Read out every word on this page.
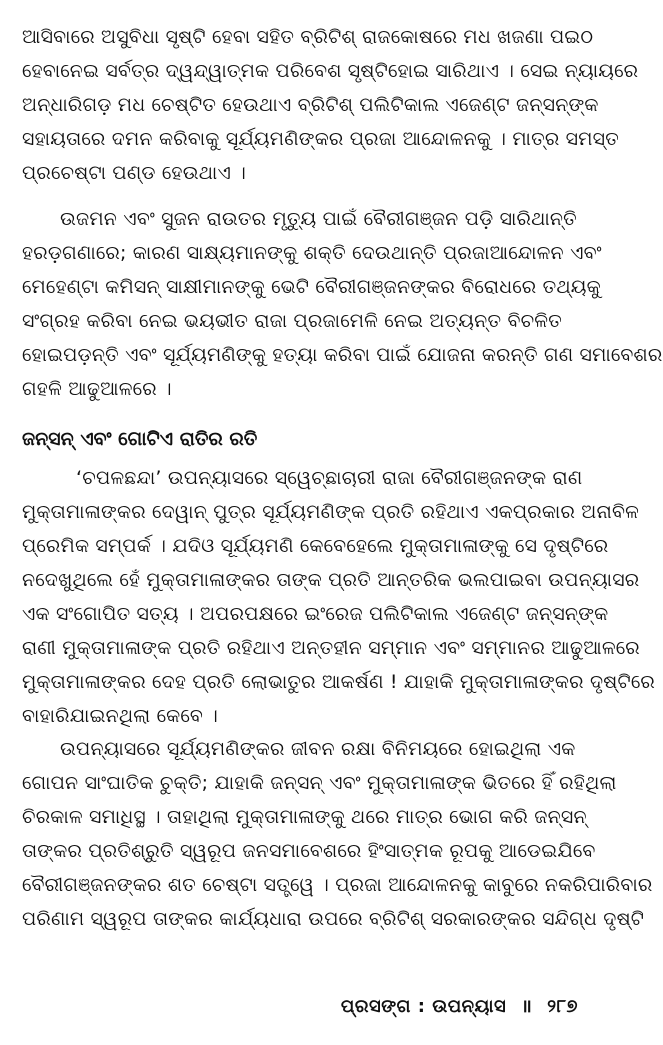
ଆସିବାରେ ଅସୁବିଧା ସୃଷ୍ଟି ହେବା ସହିତ ବ୍ରିଟିଶ୍ ରାଜକୋଷରେ ମଧ ଖଜଣା ପଇଠ
ହେବାନେଇ ସର୍ବତ୍ର ଦ୍ୱନ୍ଦ୍ୱାତ୍ମକ ପରିବେଶ ସୃଷ୍ଟିହୋଇ ସାରିଥାଏ । ସେଇ ନ୍ୟାୟରେ
ଅନ୍ଧାରିଗଡ଼ ମଧ ଚେଷ୍ଟିତ ହେଉଥାଏ ବ୍ରିଟିଶ୍ ପଲିଟିକାଲ ଏଜେଣ୍ଟ ଜନ୍‌ସନ୍‌ଙ୍କ
ସହାୟତାରେ ଦମନ କରିବାକୁ ସୂର୍ଯ୍ୟମଣିଙ୍କର ପ୍ରଜା ଆନ୍ଦୋଳନକୁ । ମାତ୍ର ସମସ୍ତ
ପ୍ରଚେଷ୍ଟା ପଣ୍ଡ ହେଉଥାଏ ।
ଉଜମନ ଏବଂ ସୁଜନ ରାଉତର ମୃତ୍ୟୁ ପାଇଁ ବୈରୀଗଞ୍ଜନ ପଡ଼ି ସାରିଥାନ୍ତି
ହରଡ଼ଗଣାରେ; କାରଣ ସାକ୍ଷ୍ୟମାନଙ୍କୁ ଶକ୍ତି ଦେଉଥାନ୍ତି ପ୍ରଜାଆନ୍ଦୋଳନ ଏବଂ
ମେହେଣ୍ଟା କମିସନ୍ ସାକ୍ଷୀମାନଙ୍କୁ ଭେଟି ବୈରୀଗଞ୍ଜନଙ୍କର ବିରୋଧରେ ତଥ୍ୟକୁ
ସଂଗ୍ରହ କରିବା ନେଇ ଭୟଭୀତ ରାଜା ପ୍ରଜାମେଳି ନେଇ ଅତ୍ୟନ୍ତ ବିଚଳିତ
ହୋଇପଡ଼ନ୍ତି ଏବଂ ସୂର୍ଯ୍ୟମଣିଙ୍କୁ ହତ୍ୟା କରିବା ପାଇଁ ଯୋଜନା କରନ୍ତି ଗଣ ସମାବେଶର
ଗହଳି ଆଢୁଆଳରେ ।
ଜନ୍‌ସନ୍ ଏବଂ ଗୋଟିଏ ରାତିର ରତି
‘ଚପଳଛନ୍ଦା’ ଉପନ୍ୟାସରେ ସ୍ୱେଚ୍ଛାଚାରୀ ରାଜା ବୈରୀଗଞ୍ଜନଙ୍କ ରାଣ
ମୁକ୍ତାମାଳାଙ୍କର ଦେୱାନ୍ ପୁତ୍ର ସୂର୍ଯ୍ୟମଣିଙ୍କ ପ୍ରତି ରହିଥାଏ ଏକପ୍ରକାର ଅନାବିଳ
ପ୍ରେମିକ ସମ୍ପର୍କ । ଯଦିଓ ସୂର୍ଯ୍ୟମଣି କେବେହେଲେ ମୁକ୍ତାମାଳାଙ୍କୁ ସେ ଦୃଷ୍ଟିରେ
ନଦେଖୁଥିଲେ ହେଁ ମୁକ୍ତାମାଳାଙ୍କର ତାଙ୍କ ପ୍ରତି ଆନ୍ତରିକ ଭଲପାଇବା ଉପନ୍ୟାସର
ଏକ ସଂଗୋପିତ ସତ୍ୟ । ଅପରପକ୍ଷରେ ଇଂରେଜ ପଲିଟିକାଲ ଏଜେଣ୍ଟ ଜନ୍‌ସନ୍‌ଙ୍କ
ରାଣୀ ମୁକ୍ତାମାଳାଙ୍କ ପ୍ରତି ରହିଥାଏ ଅନ୍ତହୀନ ସମ୍ମାନ ଏବଂ ସମ୍ମାନର ଆଢୁଆଳରେ
ମୁକ୍ତାମାଳାଙ୍କର ଦେହ ପ୍ରତି ଲୋଭାତୁର ଆକର୍ଷଣ ! ଯାହାକି ମୁକ୍ତାମାଳାଙ୍କର ଦୃଷ୍ଟିରେ
ବାହାରିଯାଇନଥିଲା କେବେ ।
ଉପନ୍ୟାସରେ ସୂର୍ଯ୍ୟମଣିଙ୍କର ଜୀବନ ରକ୍ଷା ବିନିମୟରେ ହୋଇଥିଲା ଏକ
ଗୋପନ ସାଂଘାତିକ ଚୁକ୍ତି; ଯାହାକି ଜନ୍‌ସନ୍ ଏବଂ ମୁକ୍ତାମାଳାଙ୍କ ଭିତରେ ହିଁ ରହିଥିଲା
ଚିରକାଳ ସମାଧିସ୍ଥ । ତାହାଥିଲା ମୁକ୍ତାମାଳାଙ୍କୁ ଥରେ ମାତ୍ର ଭୋଗ କରି ଜନ୍‌ସନ୍
ତାଙ୍କର ପ୍ରତିଶ୍ରୁତି ସ୍ୱରୂପ ଜନସମାବେଶରେ ହିଂସାତ୍ମକ ରୂପକୁ ଆଡେଇଯିବେ
ବୈରୀଗଞ୍ଜନଙ୍କର ଶତ ଚେଷ୍ଟା ସତ୍ତ୍ୱେ । ପ୍ରଜା ଆନ୍ଦୋଳନକୁ କାବୁରେ ନକରିପାରିବାର
ପରିଣାମ ସ୍ୱରୂପ ତାଙ୍କର କାର୍ଯ୍ୟଧାରା ଉପରେ ବ୍ରିଟିଶ୍ ସରକାରଙ୍କର ସନ୍ଦିଗ୍ଧ ଦୃଷ୍ଟି
ପ୍ରସଙ୍ଗ : ଉପନ୍ୟାସ ॥ ୨୮୭
